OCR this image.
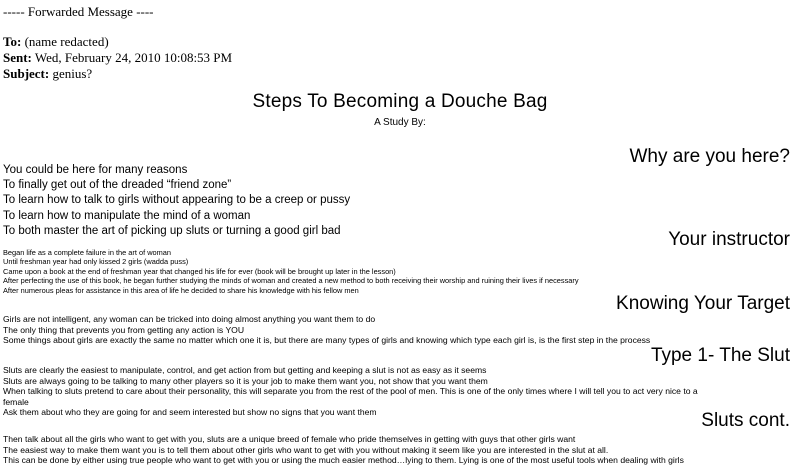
----- Forwarded Message ----
To: (name redacted)
Sent: Wed, February 24, 2010 10:08:53 PM
Subject: genius?
Steps To Becoming a Douche Bag
A Study By:
Why are you here?

You could be here for many reasons

To finally get out of the dreaded “friend zone”

To learn how to talk to girls without appearing to be a creep or pussy

To learn how to manipulate the mind of a woman

To both master the art of picking up sluts or turning a good girl bad	Your instructor

Began life as a complete failure in the art of woman

Until freshman year had only kissed 2 girls (wadda puss)

Came upon a book at the end of freshman year that changed his life for ever (book will be brought up later in the lesson)

After perfecting the use of this book, he began further studying the minds of woman and created a new method to both receiving their worship and ruining their lives if necessary

After numerous pleas for assistance in this area of life he decided to share his knowledge with his fellow men

Knowing Your Target

Girls are not intelligent, any woman can be tricked into doing almost anything you want them to do

The only thing that prevents you from getting any action is YOU

Some things about girls are exactly the same no matter which one it is, but there are many types of girls and knowing which type each girl is, is the first step in the process

Type 1- The Slut

Sluts are clearly the easiest to manipulate, control, and get action from but getting and keeping a slut is not as easy as it seems

Sluts are always going to be talking to many other players so it is your job to make them want you, not show that you want them

When talking to sluts pretend to care about their personality, this will separate you from the rest of the pool of men. This is one of the only times where I will tell you to act very nice to a

female

Ask them about who they are going for and seem interested but show no signs that you want them	Sluts cont.

Then talk about all the girls who want to get with you, sluts are a unique breed of female who pride themselves in getting with guys that other girls want

The easiest way to make them want you is to tell them about other girls who want to get with you without making it seem like you are interested in the slut at all.

This can be done by either using true people who want to get with you or using the much easier method…lying to them. Lying is one of the most useful tools when dealing with girls
